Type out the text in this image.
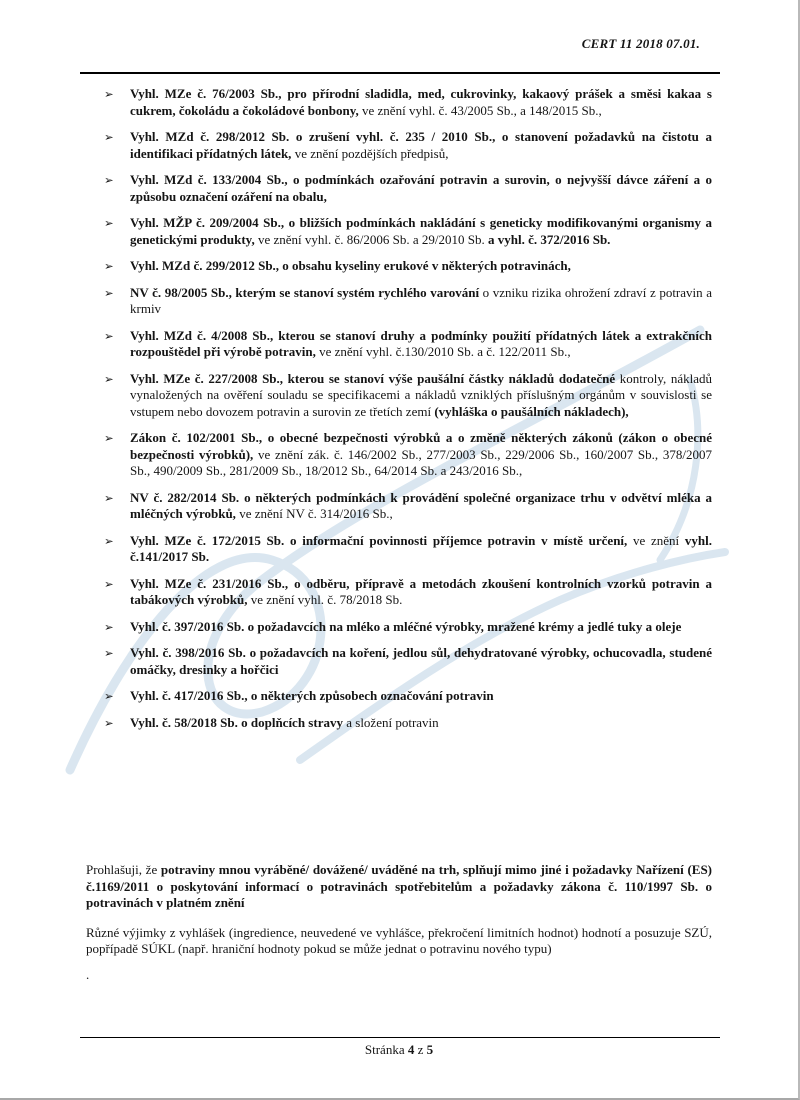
CERT 11 2018 07.01.
➢	Vyhl. MZe č. 76/2003 Sb., pro přírodní sladidla, med, cukrovinky, kakaový prášek a směsi kakaa s cukrem, čokoládu a čokoládové bonbony, ve znění vyhl. č. 43/2005 Sb., a 148/2015 Sb.,
➢	Vyhl. MZd č. 298/2012 Sb. o zrušení vyhl. č. 235 / 2010 Sb., o stanovení požadavků na čistotu a identifikaci přídatných látek, ve znění pozdějších předpisů,
➢	Vyhl. MZd č. 133/2004 Sb., o podmínkách ozařování potravin a surovin, o nejvyšší dávce záření a o způsobu označení ozáření na obalu,
➢	Vyhl. MŽP č. 209/2004 Sb., o bližších podmínkách nakládání s geneticky modifikovanými organismy a genetickými produkty, ve znění vyhl. č. 86/2006 Sb. a 29/2010 Sb. a vyhl. č. 372/2016 Sb.
➢	Vyhl. MZd č. 299/2012 Sb., o obsahu kyseliny erukové v některých potravinách,
➢	NV č. 98/2005 Sb., kterým se stanoví systém rychlého varování o vzniku rizika ohrožení zdraví z potravin a krmiv
➢	Vyhl. MZd č. 4/2008 Sb., kterou se stanoví druhy a podmínky použití přídatných látek a extrakčních rozpouštědel při výrobě potravin, ve znění vyhl. č.130/2010 Sb. a č. 122/2011 Sb.,
➢	Vyhl. MZe č. 227/2008 Sb., kterou se stanoví výše paušální částky nákladů dodatečné kontroly, nákladů vynaložených na ověření souladu se specifikacemi a nákladů vzniklých příslušným orgánům v souvislosti se vstupem nebo dovozem potravin a surovin ze třetích zemí (vyhláška o paušálních nákladech),
➢	Zákon č. 102/2001 Sb., o obecné bezpečnosti výrobků a o změně některých zákonů (zákon o obecné bezpečnosti výrobků), ve znění zák. č. 146/2002 Sb., 277/2003 Sb., 229/2006 Sb., 160/2007 Sb., 378/2007 Sb., 490/2009 Sb., 281/2009 Sb., 18/2012 Sb., 64/2014 Sb. a 243/2016 Sb.,
➢	NV č. 282/2014 Sb. o některých podmínkách k provádění společné organizace trhu v odvětví mléka a mléčných výrobků, ve znění NV č. 314/2016 Sb.,
➢	Vyhl. MZe č. 172/2015 Sb. o informační povinnosti příjemce potravin v místě určení, ve znění vyhl. č.141/2017 Sb.
➢	Vyhl. MZe č. 231/2016 Sb., o odběru, přípravě a metodách zkoušení kontrolních vzorků potravin a tabákových výrobků, ve znění vyhl. č. 78/2018 Sb.
➢	Vyhl. č. 397/2016 Sb. o požadavcích na mléko a mléčné výrobky, mražené krémy a jedlé tuky a oleje
➢	Vyhl. č. 398/2016 Sb. o požadavcích na koření, jedlou sůl, dehydratované výrobky, ochucovadla, studené omáčky, dresinky a hořčici
➢	Vyhl. č. 417/2016 Sb., o některých způsobech označování potravin
➢	Vyhl. č. 58/2018 Sb. o doplňcích stravy a složení potravin

Prohlašuji, že potraviny mnou vyráběné/ dovážené/ uváděné na trh, splňují mimo jiné i požadavky Nařízení (ES) č.1169/2011 o poskytování informací o potravinách spotřebitelům a požadavky zákona č. 110/1997 Sb. o potravinách v platném znění

Různé výjimky z vyhlášek (ingredience, neuvedené ve vyhlášce, překročení limitních hodnot) hodnotí a posuzuje SZÚ, popřípadě SÚKL (např. hraniční hodnoty pokud se může jednat o potravinu nového typu)

.
Stránka 4 z 5
